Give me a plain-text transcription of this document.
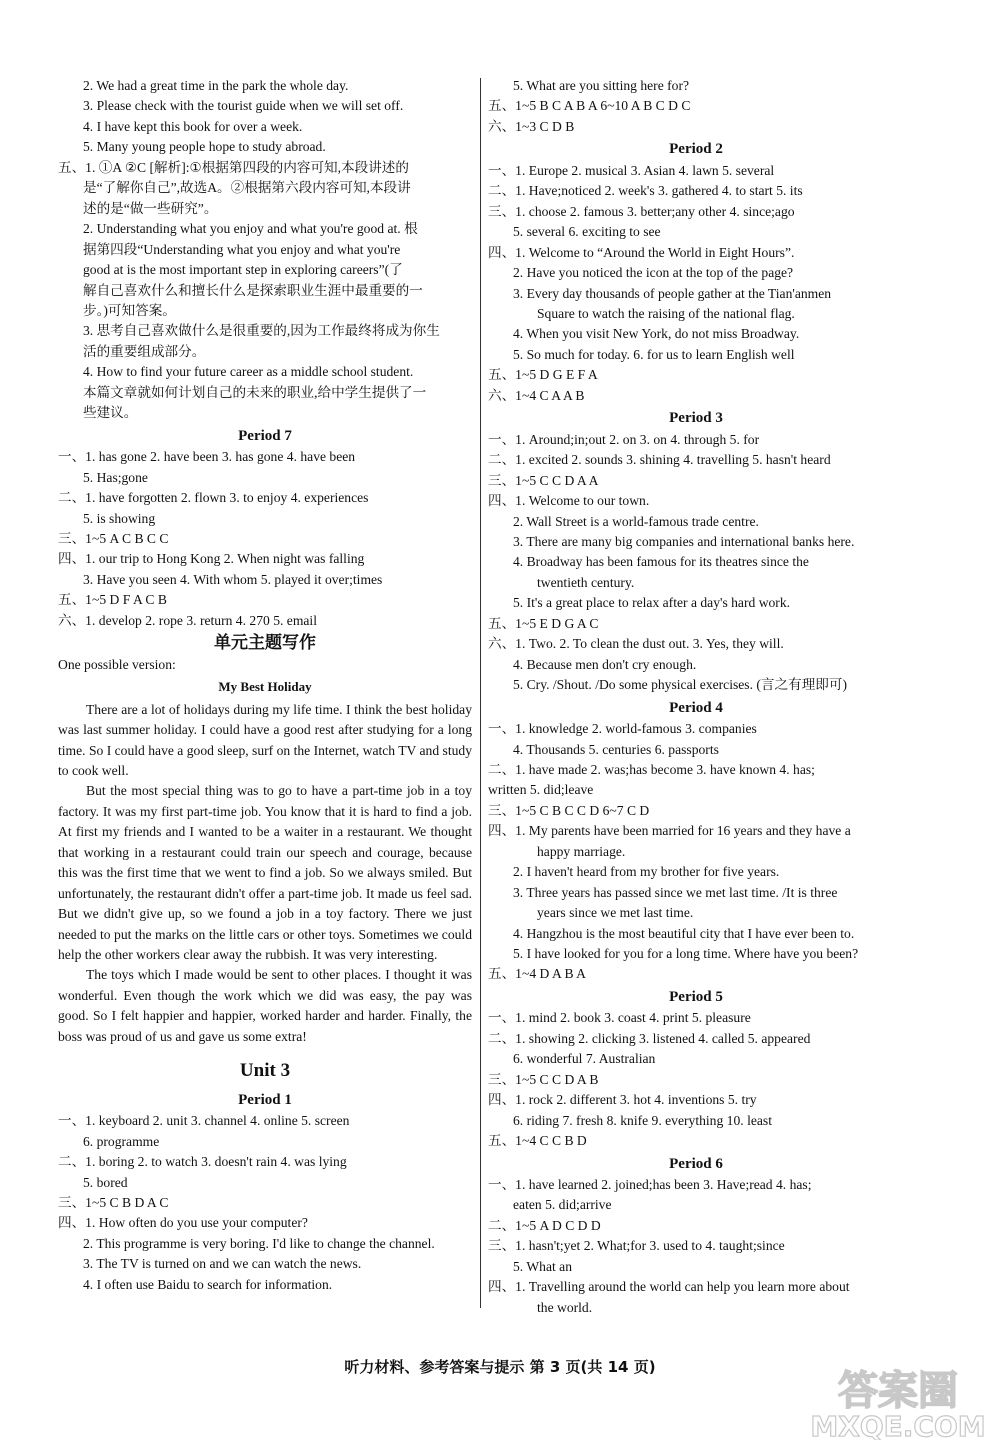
2. We had a great time in the park the whole day.
3. Please check with the tourist guide when we will set off.
4. I have kept this book for over a week.
5. Many young people hope to study abroad.
五、1. ①A ②C [解析]:①根据第四段的内容可知,本段讲述的
是“了解你自己”,故选A。②根据第六段内容可知,本段讲
述的是“做一些研究”。
2. Understanding what you enjoy and what you're good at. 根
据第四段“Understanding what you enjoy and what you're
good at is the most important step in exploring careers”(了
解自己喜欢什么和擅长什么是探索职业生涯中最重要的一
步。)可知答案。
3. 思考自己喜欢做什么是很重要的,因为工作最终将成为你生
活的重要组成部分。
4. How to find your future career as a middle school student.
本篇文章就如何计划自己的未来的职业,给中学生提供了一
些建议。
Period 7
一、1. has gone 2. have been 3. has gone 4. have been
5. Has;gone
二、1. have forgotten 2. flown 3. to enjoy 4. experiences
5. is showing
三、1~5 A C B C C
四、1. our trip to Hong Kong 2. When night was falling
3. Have you seen 4. With whom 5. played it over;times
五、1~5 D F A C B
六、1. develop 2. rope 3. return 4. 270 5. email
单元主题写作
One possible version:
My Best Holiday
There are a lot of holidays during my life time. I think the best holiday was last summer holiday. I could have a good rest after studying for a long time. So I could have a good sleep, surf on the Internet, watch TV and study to cook well.
But the most special thing was to go to have a part-time job in a toy factory. It was my first part-time job. You know that it is hard to find a job. At first my friends and I wanted to be a waiter in a restaurant. We thought that working in a restaurant could train our speech and courage, because this was the first time that we went to find a job. So we always smiled. But unfortunately, the restaurant didn't offer a part-time job. It made us feel sad. But we didn't give up, so we found a job in a toy factory. There we just needed to put the marks on the little cars or other toys. Sometimes we could help the other workers clear away the rubbish. It was very interesting.
The toys which I made would be sent to other places. I thought it was wonderful. Even though the work which we did was easy, the pay was good. So I felt happier and happier, worked harder and harder. Finally, the boss was proud of us and gave us some extra!
Unit 3
Period 1
一、1. keyboard 2. unit 3. channel 4. online 5. screen
6. programme
二、1. boring 2. to watch 3. doesn't rain 4. was lying
5. bored
三、1~5 C B D A C
四、1. How often do you use your computer?
2. This programme is very boring. I'd like to change the channel.
3. The TV is turned on and we can watch the news.
4. I often use Baidu to search for information.
5. What are you sitting here for?
五、1~5 B C A B A 6~10 A B C D C
六、1~3 C D B
Period 2
一、1. Europe 2. musical 3. Asian 4. lawn 5. several
二、1. Have;noticed 2. week's 3. gathered 4. to start 5. its
三、1. choose 2. famous 3. better;any other 4. since;ago
5. several 6. exciting to see
四、1. Welcome to “Around the World in Eight Hours”.
2. Have you noticed the icon at the top of the page?
3. Every day thousands of people gather at the Tian'anmen
Square to watch the raising of the national flag.
4. When you visit New York, do not miss Broadway.
5. So much for today. 6. for us to learn English well
五、1~5 D G E F A
六、1~4 C A A B
Period 3
一、1. Around;in;out 2. on 3. on 4. through 5. for
二、1. excited 2. sounds 3. shining 4. travelling 5. hasn't heard
三、1~5 C C D A A
四、1. Welcome to our town.
2. Wall Street is a world-famous trade centre.
3. There are many big companies and international banks here.
4. Broadway has been famous for its theatres since the
twentieth century.
5. It's a great place to relax after a day's hard work.
五、1~5 E D G A C
六、1. Two. 2. To clean the dust out. 3. Yes, they will.
4. Because men don't cry enough.
5. Cry. /Shout. /Do some physical exercises. (言之有理即可)
Period 4
一、1. knowledge 2. world-famous 3. companies
4. Thousands 5. centuries 6. passports
二、1. have made 2. was;has become 3. have known 4. has;
written 5. did;leave
三、1~5 C B C C D 6~7 C D
四、1. My parents have been married for 16 years and they have a
happy marriage.
2. I haven't heard from my brother for five years.
3. Three years has passed since we met last time. /It is three
years since we met last time.
4. Hangzhou is the most beautiful city that I have ever been to.
5. I have looked for you for a long time. Where have you been?
五、1~4 D A B A
Period 5
一、1. mind 2. book 3. coast 4. print 5. pleasure
二、1. showing 2. clicking 3. listened 4. called 5. appeared
6. wonderful 7. Australian
三、1~5 C C D A B
四、1. rock 2. different 3. hot 4. inventions 5. try
6. riding 7. fresh 8. knife 9. everything 10. least
五、1~4 C C B D
Period 6
一、1. have learned 2. joined;has been 3. Have;read 4. has;
eaten 5. did;arrive
二、1~5 A D C D D
三、1. hasn't;yet 2. What;for 3. used to 4. taught;since
5. What an
四、1. Travelling around the world can help you learn more about
the world.
听力材料、参考答案与提示 第 3 页(共 14 页)
答案圈
MXQE.COM
